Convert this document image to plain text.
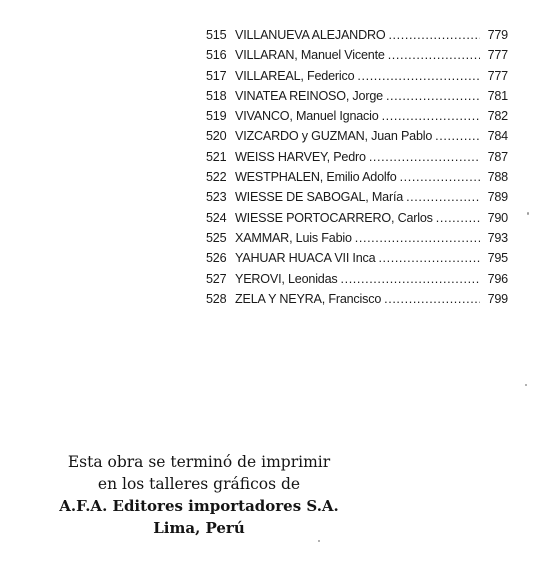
515 VILLANUEVA ALEJANDRO .....	779
516 VILLARAN, Manuel Vicente .....	777
517 VILLAREAL, Federico .....	777
518 VINATEA REINOSO, Jorge .....	781
519 VIVANCO, Manuel Ignacio .....	782
520 VIZCARDO y GUZMAN, Juan Pablo .....	784
521 WEISS HARVEY, Pedro .....	787
522 WESTPHALEN, Emilio Adolfo .....	788
523 WIESSE DE SABOGAL, María .....	789
524 WIESSE PORTOCARRERO, Carlos .....	790
525 XAMMAR, Luis Fabio .....	793
526 YAHUAR HUACA VII Inca .....	795
527 YEROVI, Leonidas .....	796
528 ZELA Y NEYRA, Francisco .....	799
Esta obra se terminó de imprimir
en los talleres gráficos de
A.F.A. Editores importadores S.A.
Lima, Perú
